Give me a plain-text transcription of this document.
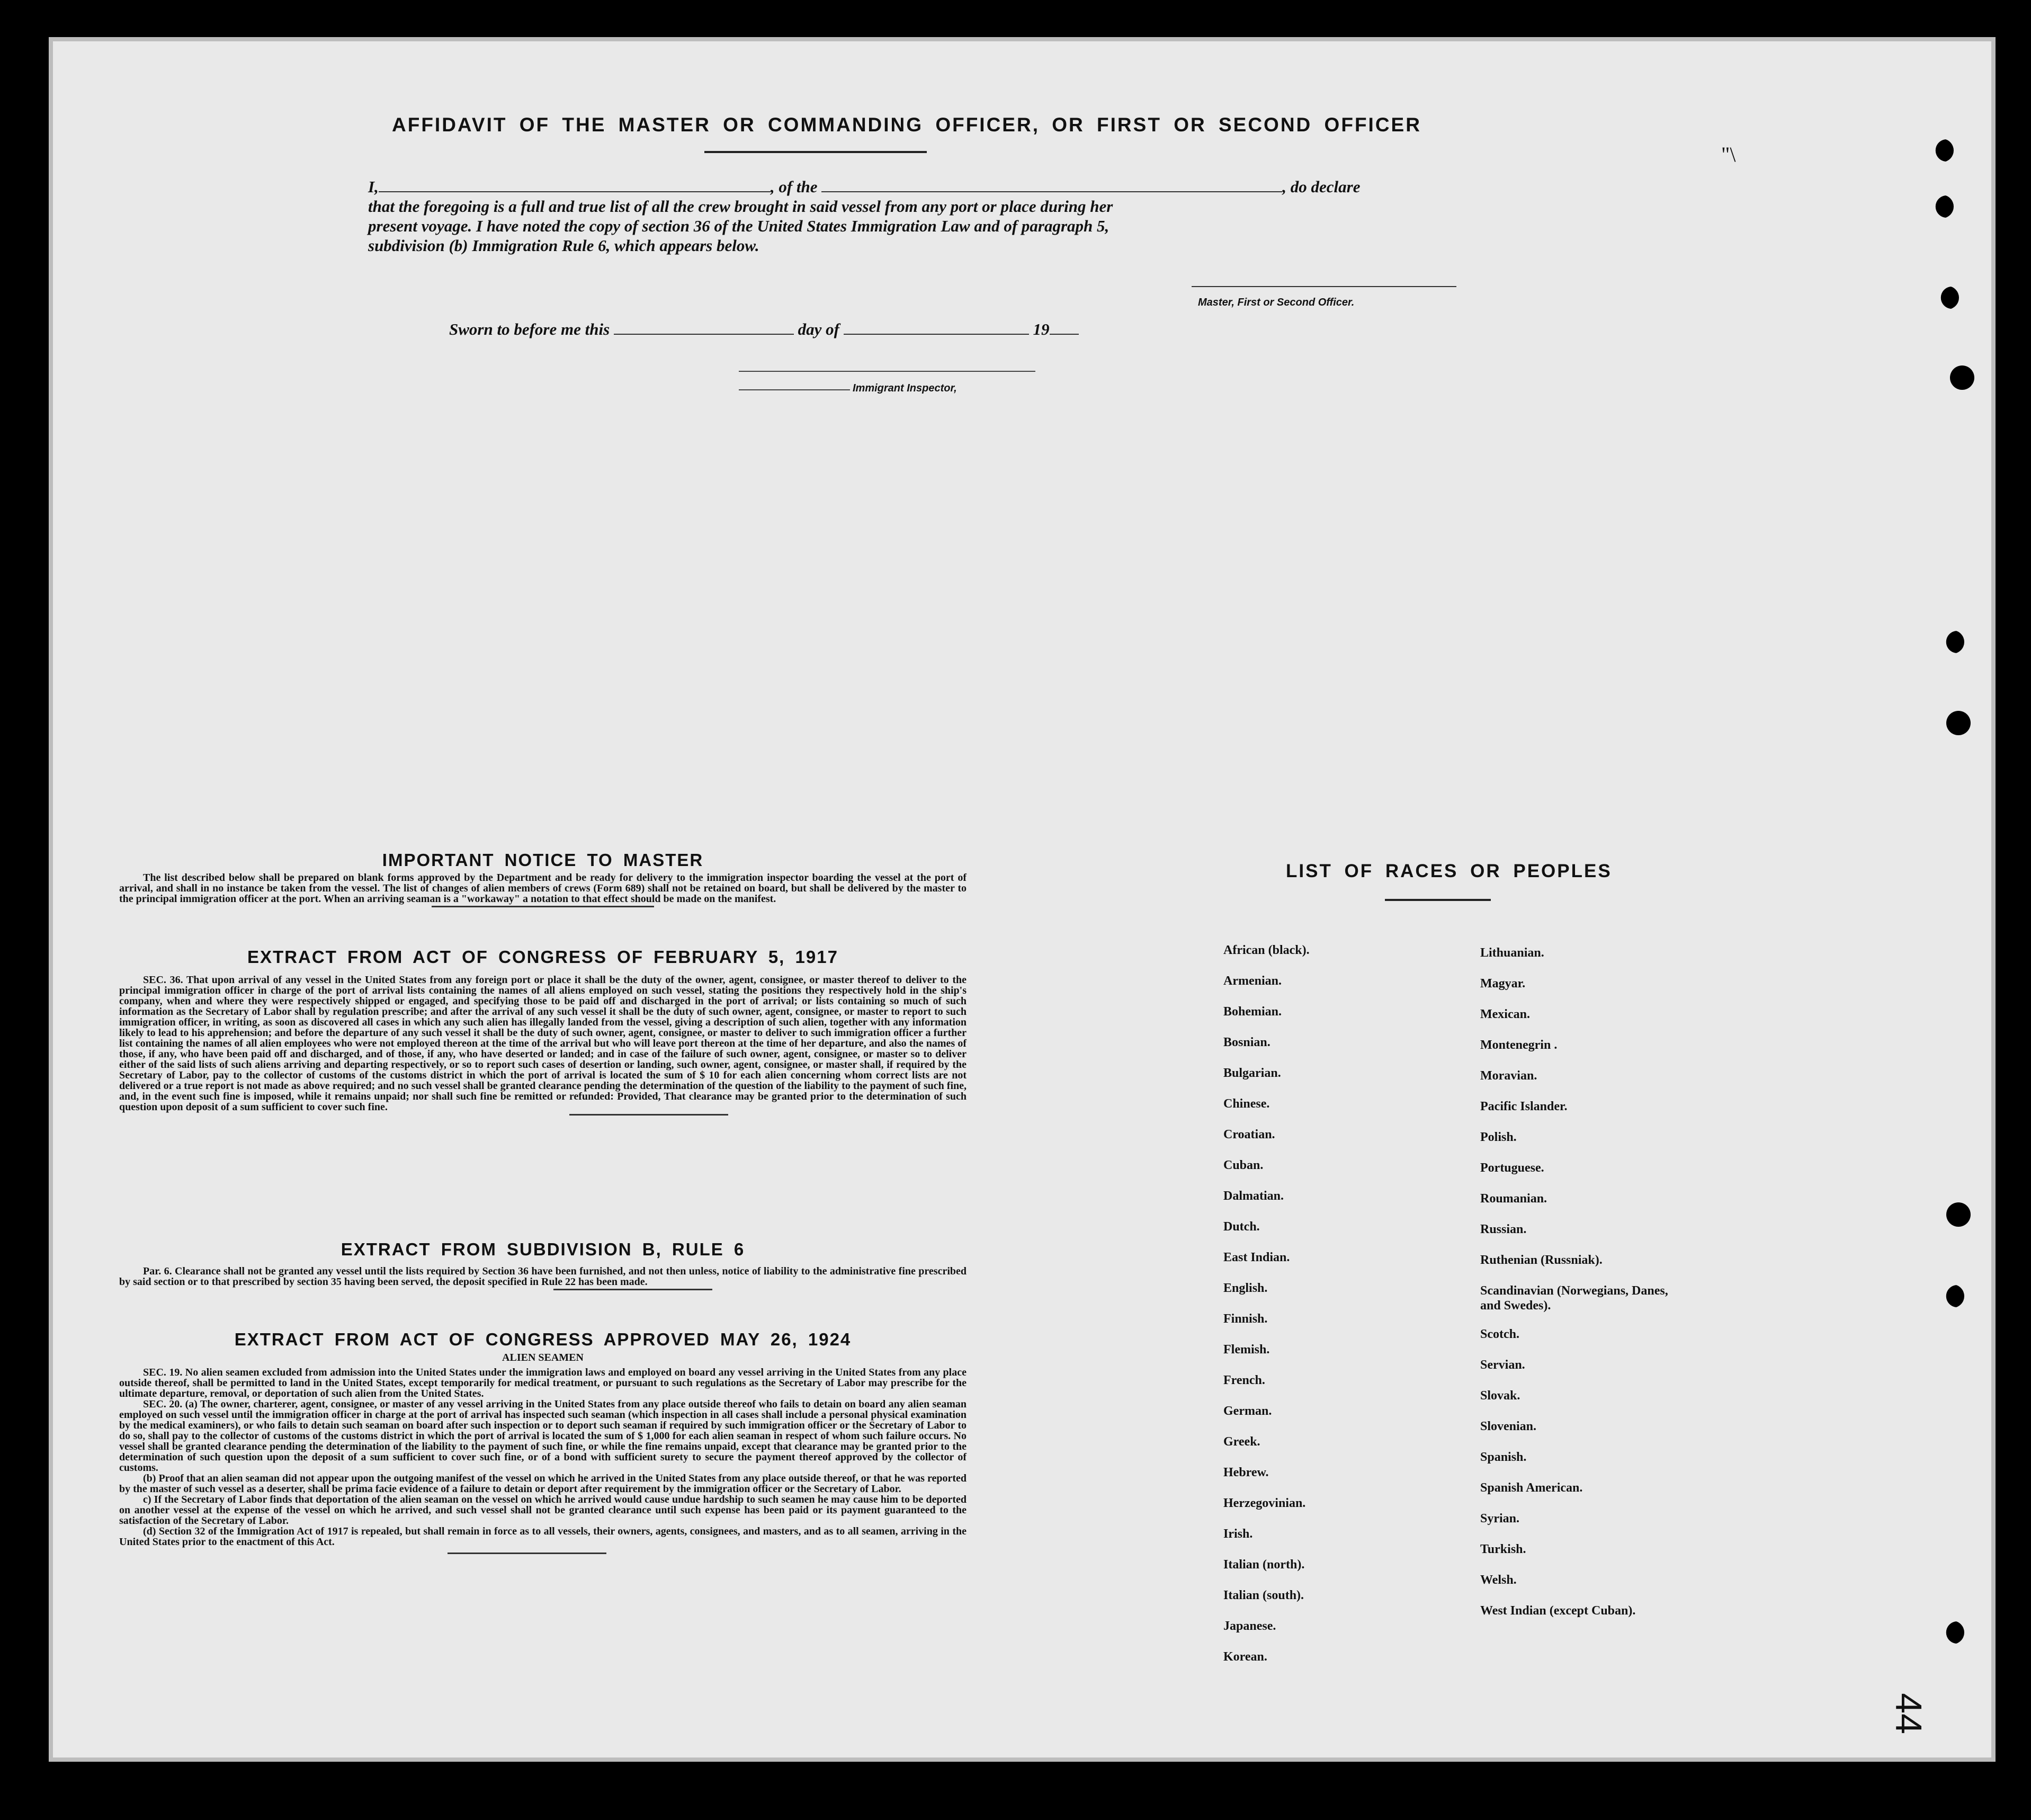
"\
AFFIDAVIT OF THE MASTER OR COMMANDING OFFICER, OR FIRST OR SECOND OFFICER
I,	, of the	, do declare
that the foregoing is a full and true list of all the crew brought in said vessel from any port or place during her
present voyage. I have noted the copy of section 36 of the United States Immigration Law and of paragraph 5,
subdivision (b) Immigration Rule 6, which appears below.
Master, First or Second Officer.
Sworn to before me this	day of	19
Immigrant Inspector,
IMPORTANT NOTICE TO MASTER

The list described below shall be prepared on blank forms approved by the Department and be ready for delivery to the immigration inspector boarding the vessel at the port of arrival, and shall in no instance be taken from the vessel. The list of changes of alien members of crews (Form 689) shall not be retained on board, but shall be delivered by the master to the principal immigration officer at the port. When an arriving seaman is a "workaway" a notation to that effect should be made on the manifest.

EXTRACT FROM ACT OF CONGRESS OF FEBRUARY 5, 1917

SEC. 36. That upon arrival of any vessel in the United States from any foreign port or place it shall be the duty of the owner, agent, consignee, or master thereof to deliver to the principal immigration officer in charge of the port of arrival lists containing the names of all aliens employed on such vessel, stating the positions they respectively hold in the ship's company, when and where they were respectively shipped or engaged, and specifying those to be paid off and discharged in the port of arrival; or lists containing so much of such information as the Secretary of Labor shall by regulation prescribe; and after the arrival of any such vessel it shall be the duty of such owner, agent, consignee, or master to report to such immigration officer, in writing, as soon as discovered all cases in which any such alien has illegally landed from the vessel, giving a description of such alien, together with any information likely to lead to his apprehension; and before the departure of any such vessel it shall be the duty of such owner, agent, consignee, or master to deliver to such immigration officer a further list containing the names of all alien employees who were not employed thereon at the time of the arrival but who will leave port thereon at the time of her departure, and also the names of those, if any, who have been paid off and discharged, and of those, if any, who have deserted or landed; and in case of the failure of such owner, agent, consignee, or master so to deliver either of the said lists of such aliens arriving and departing respectively, or so to report such cases of desertion or landing, such owner, agent, consignee, or master shall, if required by the Secretary of Labor, pay to the collector of customs of the customs district in which the port of arrival is located the sum of $ 10 for each alien concerning whom correct lists are not delivered or a true report is not made as above required; and no such vessel shall be granted clearance pending the determination of the question of the liability to the payment of such fine, and, in the event such fine is imposed, while it remains unpaid; nor shall such fine be remitted or refunded: Provided, That clearance may be granted prior to the determination of such question upon deposit of a sum sufficient to cover such fine.

EXTRACT FROM SUBDIVISION B, RULE 6

Par. 6. Clearance shall not be granted any vessel until the lists required by Section 36 have been furnished, and not then unless, notice of liability to the administrative fine prescribed by said section or to that prescribed by section 35 having been served, the deposit specified in Rule 22 has been made.

EXTRACT FROM ACT OF CONGRESS APPROVED MAY 26, 1924
ALIEN SEAMEN

SEC. 19. No alien seamen excluded from admission into the United States under the immigration laws and employed on board any vessel arriving in the United States from any place outside thereof, shall be permitted to land in the United States, except temporarily for medical treatment, or pursuant to such regulations as the Secretary of Labor may prescribe for the ultimate departure, removal, or deportation of such alien from the United States.

SEC. 20. (a) The owner, charterer, agent, consignee, or master of any vessel arriving in the United States from any place outside thereof who fails to detain on board any alien seaman employed on such vessel until the immigration officer in charge at the port of arrival has inspected such seaman (which inspection in all cases shall include a personal physical examination by the medical examiners), or who fails to detain such seaman on board after such inspection or to deport such seaman if required by such immigration officer or the Secretary of Labor to do so, shall pay to the collector of customs of the customs district in which the port of arrival is located the sum of $ 1,000 for each alien seaman in respect of whom such failure occurs. No vessel shall be granted clearance pending the determination of the liability to the payment of such fine, or while the fine remains unpaid, except that clearance may be granted prior to the determination of such question upon the deposit of a sum sufficient to cover such fine, or of a bond with sufficient surety to secure the payment thereof approved by the collector of customs.

(b) Proof that an alien seaman did not appear upon the outgoing manifest of the vessel on which he arrived in the United States from any place outside thereof, or that he was reported by the master of such vessel as a deserter, shall be prima facie evidence of a failure to detain or deport after requirement by the immigration officer or the Secretary of Labor.

c) If the Secretary of Labor finds that deportation of the alien seaman on the vessel on which he arrived would cause undue hardship to such seamen he may cause him to be deported on another vessel at the expense of the vessel on which he arrived, and such vessel shall not be granted clearance until such expense has been paid or its payment guaranteed to the satisfaction of the Secretary of Labor.

(d) Section 32 of the Immigration Act of 1917 is repealed, but shall remain in force as to all vessels, their owners, agents, consignees, and masters, and as to all seamen, arriving in the United States prior to the enactment of this Act.

LIST OF RACES OR PEOPLES
African (black).
Armenian.
Bohemian.
Bosnian.
Bulgarian.
Chinese.
Croatian.
Cuban.
Dalmatian.
Dutch.
East Indian.
English.
Finnish.
Flemish.
French.
German.
Greek.
Hebrew.
Herzegovinian.
Irish.
Italian (north).
Italian (south).
Japanese.
Korean.
Lithuanian.
Magyar.
Mexican.
Montenegrin .
Moravian.
Pacific Islander.
Polish.
Portuguese.
Roumanian.
Russian.
Ruthenian (Russniak).
Scandinavian (Norwegians, Danes, and Swedes).
Scotch.
Servian.
Slovak.
Slovenian.
Spanish.
Spanish American.
Syrian.
Turkish.
Welsh.
West Indian (except Cuban).
44
